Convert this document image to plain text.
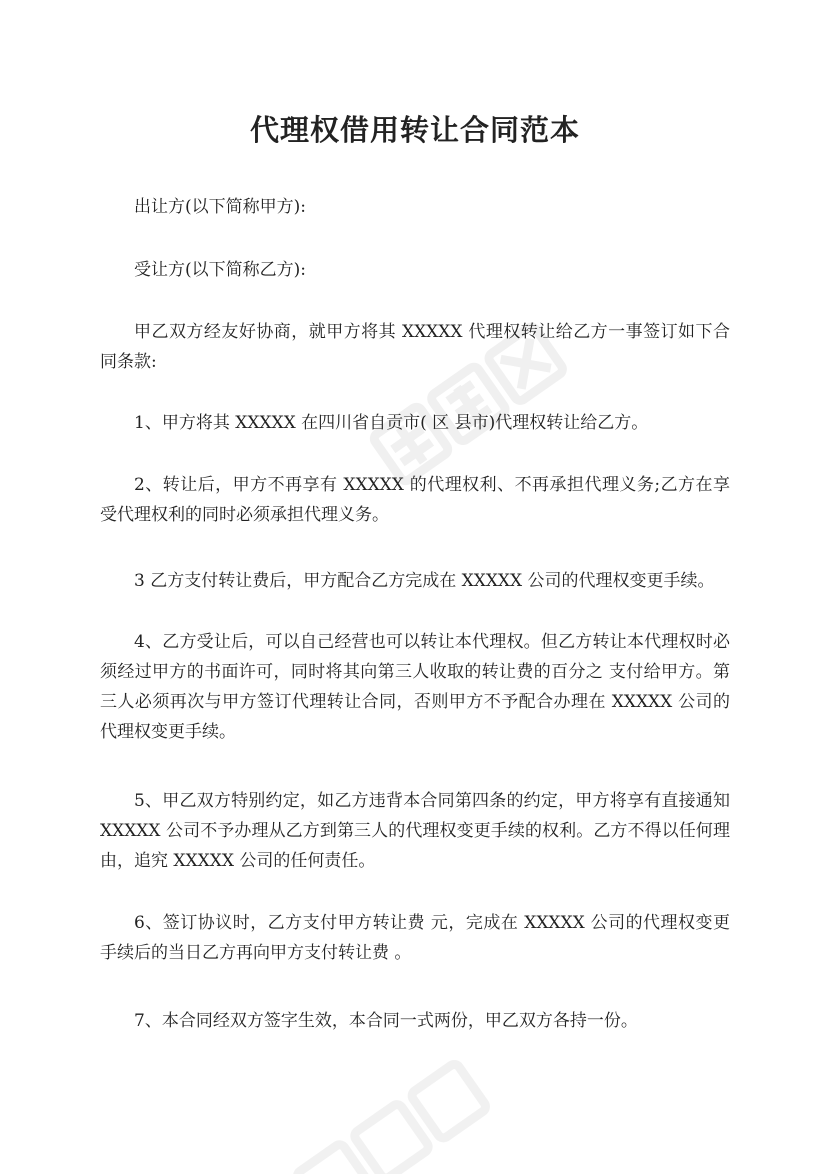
代理权借用转让合同范本
出让方(以下简称甲方):
受让方(以下简称乙方):
甲乙双方经友好协商，就甲方将其 XXXXX 代理权转让给乙方一事签订如下合同条款:
1、甲方将其 XXXXX 在四川省自贡市( 区 县市)代理权转让给乙方。
2、转让后，甲方不再享有 XXXXX 的代理权利、不再承担代理义务;乙方在享受代理权利的同时必须承担代理义务。
3 乙方支付转让费后，甲方配合乙方完成在 XXXXX 公司的代理权变更手续。
4、乙方受让后，可以自己经营也可以转让本代理权。但乙方转让本代理权时必须经过甲方的书面许可，同时将其向第三人收取的转让费的百分之 支付给甲方。第三人必须再次与甲方签订代理转让合同，否则甲方不予配合办理在 XXXXX 公司的代理权变更手续。
5、甲乙双方特别约定，如乙方违背本合同第四条的约定，甲方将享有直接通知 XXXXX 公司不予办理从乙方到第三人的代理权变更手续的权利。乙方不得以任何理由，追究 XXXXX 公司的任何责任。
6、签订协议时，乙方支付甲方转让费 元，完成在 XXXXX 公司的代理权变更手续后的当日乙方再向甲方支付转让费 。
7、本合同经双方签字生效，本合同一式两份，甲乙双方各持一份。
